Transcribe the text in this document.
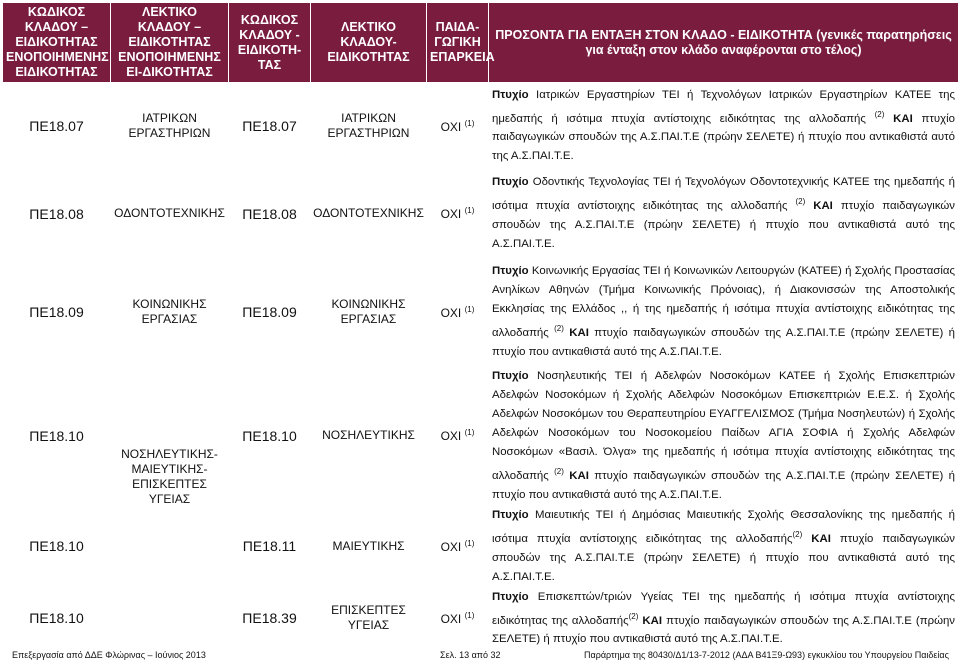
ΚΩΔΙΚΟΣ ΚΛΑΔΟΥ – ΕΙΔΙΚΟΤΗΤΑΣ ΕΝΟΠΟΙΗΜΕΝΗΣ ΕΙΔΙΚΟΤΗΤΑΣ	ΛΕΚΤΙΚΟ ΚΛΑΔΟΥ – ΕΙΔΙΚΟΤΗΤΑΣ ΕΝΟΠΟΙΗΜΕΝΗΣ ΕΙ-ΔΙΚΟΤΗΤΑΣ	ΚΩΔΙΚΟΣ ΚΛΑΔΟΥ - ΕΙΔΙΚΟΤΗ-ΤΑΣ	ΛΕΚΤΙΚΟ ΚΛΑΔΟΥ-ΕΙΔΙΚΟΤΗΤΑΣ	ΠΑΙΔΑ-ΓΩΓΙΚΗ ΕΠΑΡΚΕΙΑ	ΠΡΟΣΟΝΤΑ ΓΙΑ ΕΝΤΑΞΗ ΣΤΟΝ ΚΛΑΔΟ - ΕΙΔΙΚΟΤΗΤΑ (γενικές παρατηρήσεις για ένταξη στον κλάδο αναφέρονται στο τέλος)
ΠΕ18.07	ΙΑΤΡΙΚΩΝ ΕΡΓΑΣΤΗΡΙΩΝ	ΠΕ18.07	ΙΑΤΡΙΚΩΝ ΕΡΓΑΣΤΗΡΙΩΝ	ΟΧΙ $^{(1)}$	Πτυχίο Ιατρικών Εργαστηρίων ΤΕΙ ή Τεχνολόγων Ιατρικών Εργαστηρίων ΚΑΤΕΕ της ημεδαπής ή ισότιμα πτυχία αντίστοιχης ειδικότητας της αλλοδαπής $^{(2)}$ ΚΑΙ πτυχίο παιδαγωγικών σπουδών της Α.Σ.ΠΑΙ.Τ.Ε (πρώην ΣΕΛΕΤΕ) ή πτυχίο που αντικαθιστά αυτό της Α.Σ.ΠΑΙ.Τ.Ε.
ΠΕ18.08	ΟΔΟΝΤΟΤΕΧΝΙΚΗΣ	ΠΕ18.08	ΟΔΟΝΤΟΤΕΧΝΙΚΗΣ	ΟΧΙ $^{(1)}$	Πτυχίο Οδοντικής Τεχνολογίας ΤΕΙ ή Τεχνολόγων Οδοντοτεχνικής ΚΑΤΕΕ της ημεδαπής ή ισότιμα πτυχία αντίστοιχης ειδικότητας της αλλοδαπής $^{(2)}$ ΚΑΙ πτυχίο παιδαγωγικών σπουδών της Α.Σ.ΠΑΙ.Τ.Ε (πρώην ΣΕΛΕΤΕ) ή πτυχίο που αντικαθιστά αυτό της Α.Σ.ΠΑΙ.Τ.Ε.
ΠΕ18.09	ΚΟΙΝΩΝΙΚΗΣ ΕΡΓΑΣΙΑΣ	ΠΕ18.09	ΚΟΙΝΩΝΙΚΗΣ ΕΡΓΑΣΙΑΣ	ΟΧΙ $^{(1)}$	Πτυχίο Κοινωνικής Εργασίας ΤΕΙ ή Κοινωνικών Λειτουργών (ΚΑΤΕΕ) ή Σχολής Προστασίας Ανηλίκων Αθηνών (Τμήμα Κοινωνικής Πρόνοιας), ή Διακονισσών της Αποστολικής Εκκλησίας της Ελλάδος ,, ή της ημεδαπής ή ισότιμα πτυχία αντίστοιχης ειδικότητας της αλλοδαπής $^{(2)}$ ΚΑΙ πτυχίο παιδαγωγικών σπουδών της Α.Σ.ΠΑΙ.Τ.Ε (πρώην ΣΕΛΕΤΕ) ή πτυχίο που αντικαθιστά αυτό της Α.Σ.ΠΑΙ.Τ.Ε.
ΠΕ18.10	ΝΟΣΗΛΕΥΤΙΚΗΣ-ΜΑΙΕΥΤΙΚΗΣ-ΕΠΙΣΚΕΠΤΕΣ ΥΓΕΙΑΣ	ΠΕ18.10	ΝΟΣΗΛΕΥΤΙΚΗΣ	ΟΧΙ $^{(1)}$	Πτυχίο Νοσηλευτικής ΤΕΙ ή Αδελφών Νοσοκόμων ΚΑΤΕΕ ή Σχολής Επισκεπτριών Αδελφών Νοσοκόμων ή Σχολής Αδελφών Νοσοκόμων Επισκεπτριών Ε.Ε.Σ. ή Σχολής Αδελφών Νοσοκόμων του Θεραπευτηρίου ΕΥΑΓΓΕΛΙΣΜΟΣ (Τμήμα Νοσηλευτών) ή Σχολής Αδελφών Νοσοκόμων του Νοσοκομείου Παίδων ΑΓΙΑ ΣΟΦΙΑ ή Σχολής Αδελφών Νοσοκόμων «Βασιλ. Όλγα» της ημεδαπής ή ισότιμα πτυχία αντίστοιχης ειδικότητας της αλλοδαπής $^{(2)}$ ΚΑΙ πτυχίο παιδαγωγικών σπουδών της Α.Σ.ΠΑΙ.Τ.Ε (πρώην ΣΕΛΕΤΕ) ή πτυχίο που αντικαθιστά αυτό της Α.Σ.ΠΑΙ.Τ.Ε.
ΠΕ18.10		ΠΕ18.11	ΜΑΙΕΥΤΙΚΗΣ	ΟΧΙ $^{(1)}$	Πτυχίο Μαιευτικής ΤΕΙ ή Δημόσιας Μαιευτικής Σχολής Θεσσαλονίκης της ημεδαπής ή ισότιμα πτυχία αντίστοιχης ειδικότητας της αλλοδαπής$^{(2)}$ ΚΑΙ πτυχίο παιδαγωγικών σπουδών της Α.Σ.ΠΑΙ.Τ.Ε (πρώην ΣΕΛΕΤΕ) ή πτυχίο που αντικαθιστά αυτό της Α.Σ.ΠΑΙ.Τ.Ε.
ΠΕ18.10		ΠΕ18.39	ΕΠΙΣΚΕΠΤΕΣ ΥΓΕΙΑΣ	ΟΧΙ $^{(1)}$	Πτυχίο Επισκεπτών/τριών Υγείας ΤΕΙ της ημεδαπής ή ισότιμα πτυχία αντίστοιχης ειδικότητας της αλλοδαπής$^{(2)}$ ΚΑΙ πτυχίο παιδαγωγικών σπουδών της Α.Σ.ΠΑΙ.Τ.Ε (πρώην ΣΕΛΕΤΕ) ή πτυχίο που αντικαθιστά αυτό της Α.Σ.ΠΑΙ.Τ.Ε.
Επεξεργασία από ΔΔΕ Φλώρινας – Ιούνιος 2013	Σελ. 13 από 32	Παράρτημα της 80430/Δ1/13-7-2012 (ΑΔΑ Β41Ξ9-Ω93) εγκυκλίου του Υπουργείου Παιδείας
